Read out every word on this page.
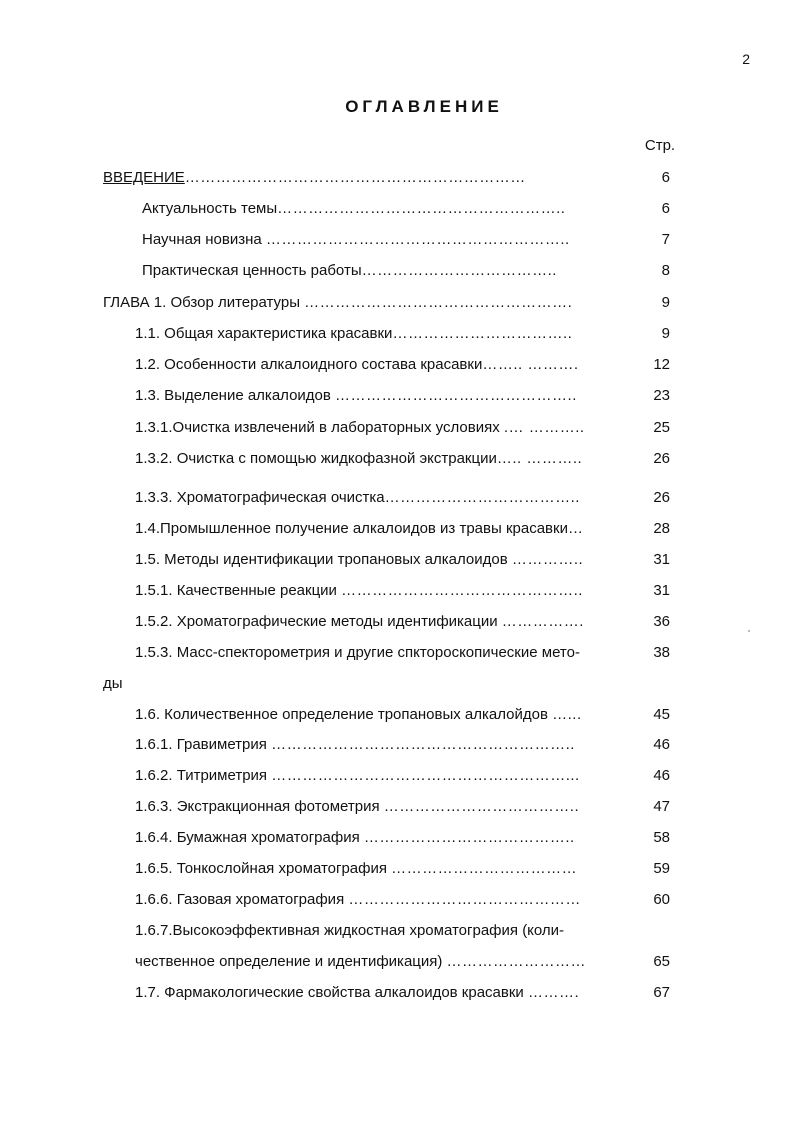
2
ОГЛАВЛЕНИЕ
Стр.
ВВЕДЕНИЕ…………………………………………………………	6
Актуальность темы………………………………………………..	6
Научная новизна …………………………………………………..	7
Практическая ценность работы………………………………..	8
ГЛАВА 1. Обзор литературы …………………………………………….	9
1.1. Общая характеристика красавки……………………………..	9
1.2. Особенности алкалоидного состава красавки…….. ……….	12
1.3. Выделение алкалоидов ………………………………………..	23
1.3.1.Очистка извлечений в лабораторных условиях .… ………..	25
1.3.2. Очистка с помощью жидкофазной экстракции….. ………..	26
1.3.3. Хроматографическая очистка………………………………..	26
1.4.Промышленное получение алкалоидов из травы красавки…	28
1.5. Методы идентификации тропановых алкалоидов …………..	31
1.5.1. Качественные реакции ………………………………………..	31
1.5.2. Хроматографические методы идентификации …………….	36
1.5.3. Масс-спекторометрия и другие спкторoскопические мето-	38
ды
1.6. Количественное определение тропановых алкалойдов …...	45
1.6.1. Гравиметрия …………………………………………………..	46
1.6.2. Титриметрия …………………………………………………...	46
1.6.3. Экстракционная фотометрия ………………………………..	47
1.6.4. Бумажная хроматография …………………………………..	58
1.6.5. Тонкослойная хроматография ………………………………	59
1.6.6. Газовая хроматография ………………………………………	60
1.6.7.Высокоэффективная жидкостная хроматография (коли-
чественное определение и идентификация) ………………………	65
1.7. Фармакологические свойства алкалоидов красавки ……….	67
